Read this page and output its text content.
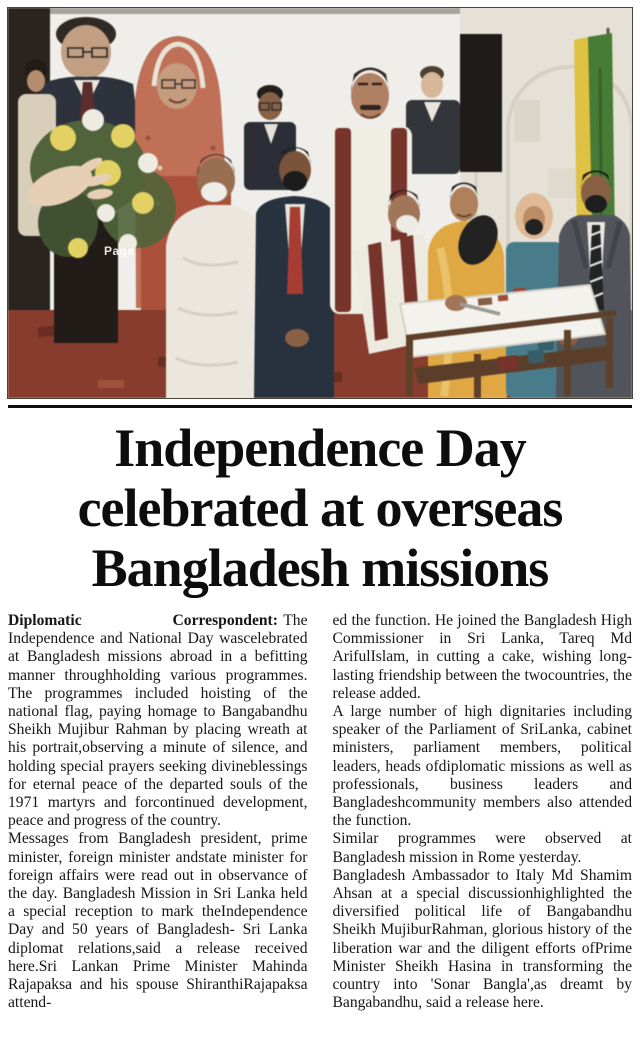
Page
Independence Day
celebrated at overseas
Bangladesh missions

Diplomatic Correspondent: The Independence and National Day wascelebrated at Bangladesh missions abroad in a befitting manner throughholding various programmes. The programmes included hoisting of the national flag, paying homage to Bangabandhu Sheikh Mujibur Rahman by placing wreath at his portrait,observing a minute of silence, and holding special prayers seeking divineblessings for eternal peace of the departed souls of the 1971 martyrs and forcontinued development, peace and progress of the country.

Messages from Bangladesh president, prime minister, foreign minister andstate minister for foreign affairs were read out in observance of the day. Bangladesh Mission in Sri Lanka held a special reception to mark theIndependence Day and 50 years of Bangladesh- Sri Lanka diplomat relations,said a release received here.Sri Lankan Prime Minister Mahinda Rajapaksa and his spouse ShiranthiRajapaksa attend-

ed the function. He joined the Bangladesh High Commissioner in Sri Lanka, Tareq Md ArifulIslam, in cutting a cake, wishing long-lasting friendship between the twocountries, the release added.

A large number of high dignitaries including speaker of the Parliament of SriLanka, cabinet ministers, parliament members, political leaders, heads ofdiplomatic missions as well as professionals, business leaders and Bangladeshcommunity members also attended the function.

Similar programmes were observed at Bangladesh mission in Rome yesterday.

Bangladesh Ambassador to Italy Md Shamim Ahsan at a special discussionhighlighted the diversified political life of Bangabandhu Sheikh MujiburRahman, glorious history of the liberation war and the diligent efforts ofPrime Minister Sheikh Hasina in transforming the country into 'Sonar Bangla',as dreamt by Bangabandhu, said a release here.
